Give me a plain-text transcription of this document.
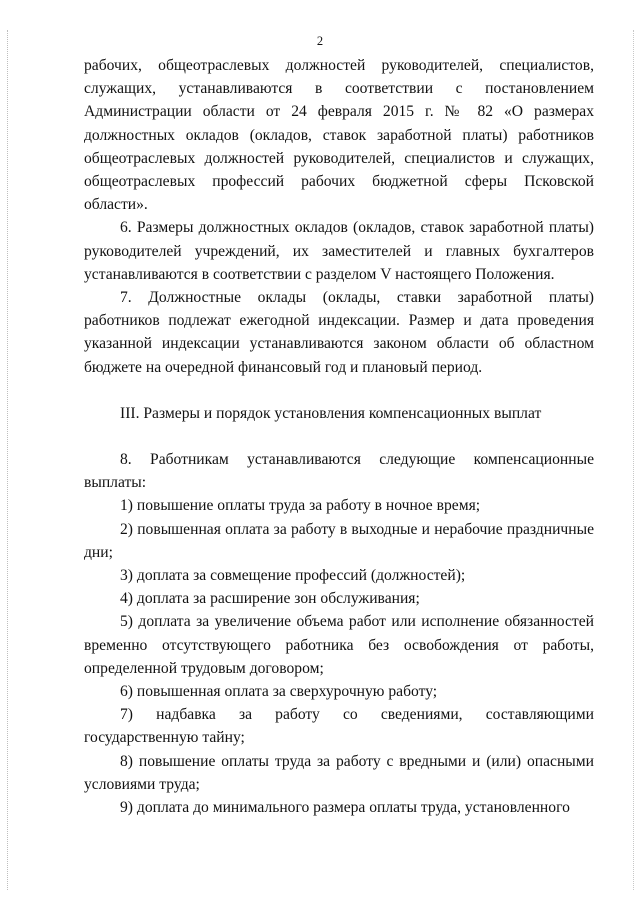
2

рабочих, общеотраслевых должностей руководителей, специалистов, служащих, устанавливаются в соответствии с постановлением Администрации области от 24 февраля 2015 г. № 82 «О размерах должностных окладов (окладов, ставок заработной платы) работников общеотраслевых должностей руководителей, специалистов и служащих, общеотраслевых профессий рабочих бюджетной сферы Псковской области».

6. Размеры должностных окладов (окладов, ставок заработной платы) руководителей учреждений, их заместителей и главных бухгалтеров устанавливаются в соответствии с разделом V настоящего Положения.

7. Должностные оклады (оклады, ставки заработной платы) работников подлежат ежегодной индексации. Размер и дата проведения указанной индексации устанавливаются законом области об областном бюджете на очередной финансовый год и плановый период.

III. Размеры и порядок установления компенсационных выплат

8. Работникам устанавливаются следующие компенсационные выплаты:

1) повышение оплаты труда за работу в ночное время;

2) повышенная оплата за работу в выходные и нерабочие праздничные дни;

3) доплата за совмещение профессий (должностей);

4) доплата за расширение зон обслуживания;

5) доплата за увеличение объема работ или исполнение обязанностей временно отсутствующего работника без освобождения от работы, определенной трудовым договором;

6) повышенная оплата за сверхурочную работу;

7) надбавка за работу со сведениями, составляющими государственную тайну;

8) повышение оплаты труда за работу с вредными и (или) опасными условиями труда;

9) доплата до минимального размера оплаты труда, установленного
